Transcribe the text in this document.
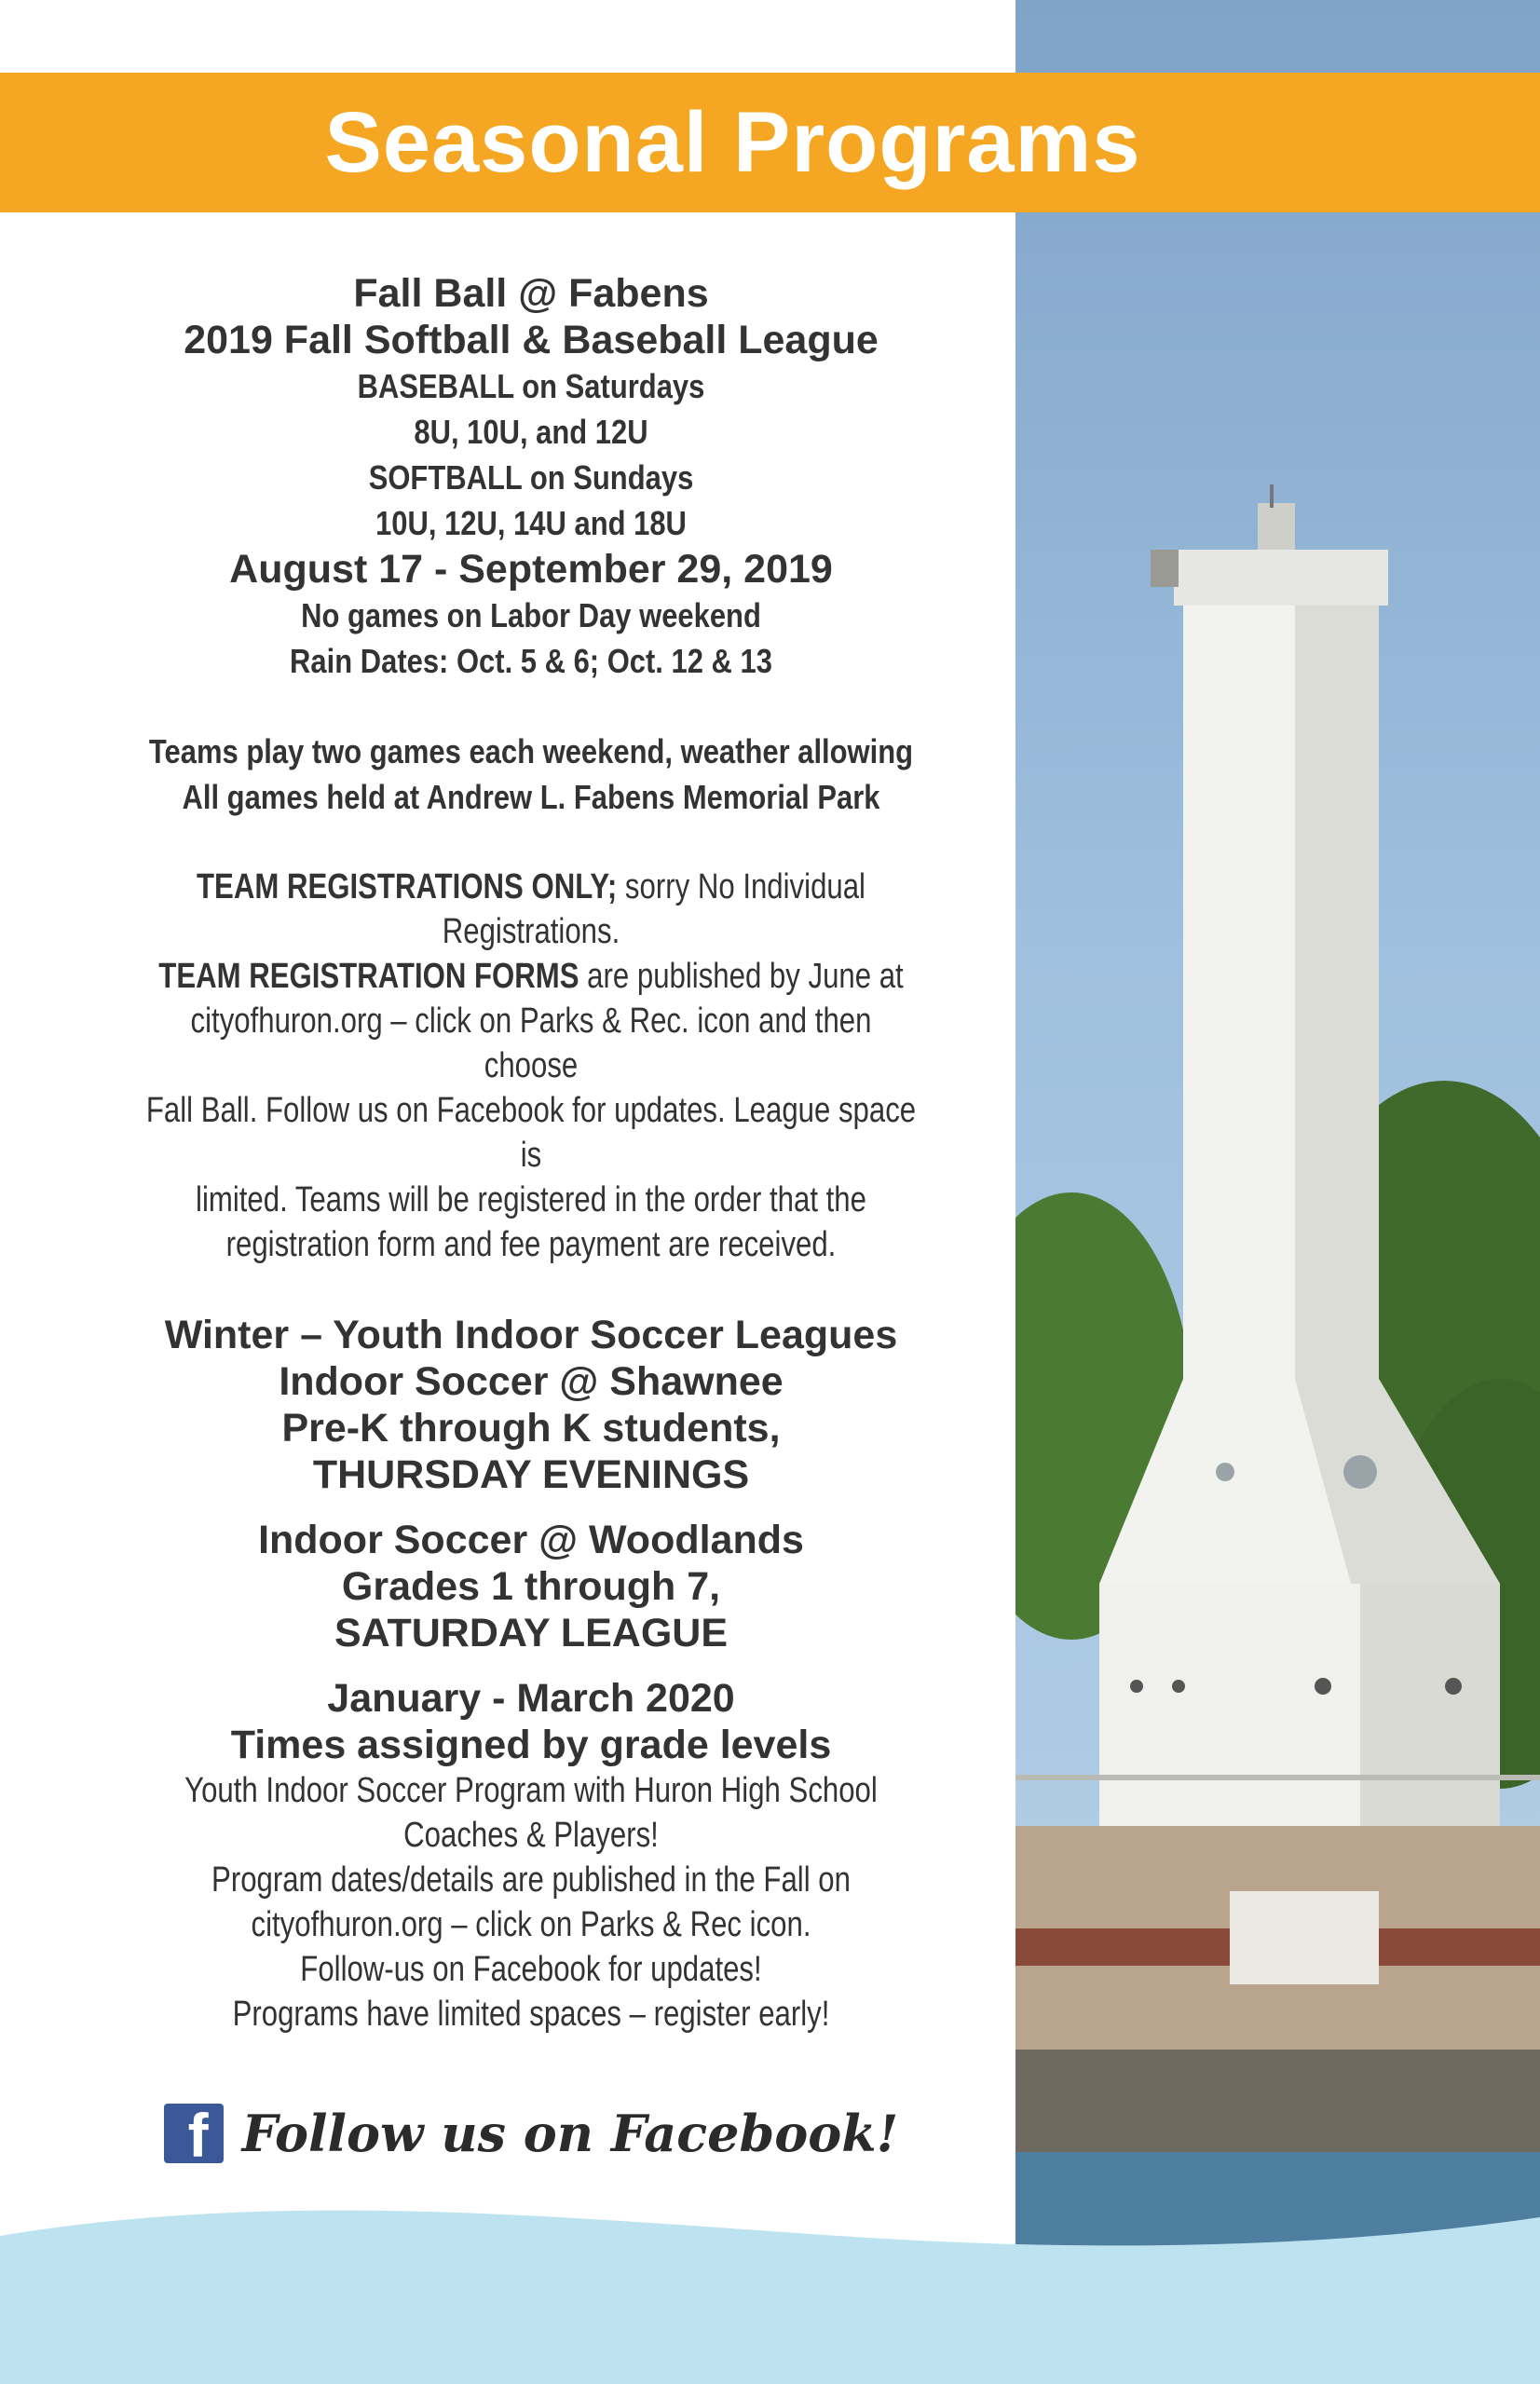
Seasonal Programs

Fall Ball @ Fabens

2019 Fall Softball & Baseball League

BASEBALL on Saturdays

8U, 10U, and 12U

SOFTBALL on Sundays

10U, 12U, 14U and 18U

August 17 - September 29, 2019

No games on Labor Day weekend

Rain Dates: Oct. 5 & 6; Oct. 12 & 13

Teams play two games each weekend, weather allowing

All games held at Andrew L. Fabens Memorial Park

TEAM REGISTRATIONS ONLY; sorry No Individual Registrations.

TEAM REGISTRATION FORMS are published by June at

cityofhuron.org – click on Parks & Rec. icon and then choose

Fall Ball. Follow us on Facebook for updates. League space is

limited. Teams will be registered in the order that the

registration form and fee payment are received.

Winter – Youth Indoor Soccer Leagues

Indoor Soccer @ Shawnee

Pre-K through K students,

THURSDAY EVENINGS

Indoor Soccer @ Woodlands

Grades 1 through 7,

SATURDAY LEAGUE

January - March 2020

Times assigned by grade levels

Youth Indoor Soccer Program with Huron High School

Coaches & Players!

Program dates/details are published in the Fall on

cityofhuron.org – click on Parks & Rec icon.

Follow-us on Facebook for updates!

Programs have limited spaces – register early!

f Follow us on Facebook!
